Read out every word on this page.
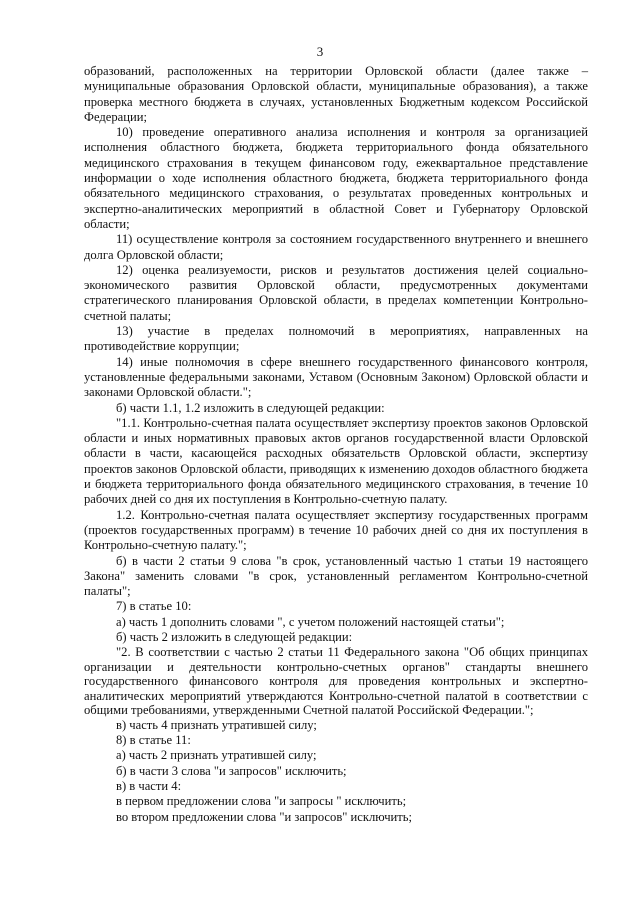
3

образований, расположенных на территории Орловской области (далее также – муниципальные образования Орловской области, муниципальные образования), а также проверка местного бюджета в случаях, установленных Бюджетным кодексом Российской Федерации;

10) проведение оперативного анализа исполнения и контроля за организацией исполнения областного бюджета, бюджета территориального фонда обязательного медицинского страхования в текущем финансовом году, ежеквартальное представление информации о ходе исполнения областного бюджета, бюджета территориального фонда обязательного медицинского страхования, о результатах проведенных контрольных и экспертно-аналитических мероприятий в областной Совет и Губернатору Орловской области;

11) осуществление контроля за состоянием государственного внутреннего и внешнего долга Орловской области;

12) оценка реализуемости, рисков и результатов достижения целей социально-экономического развития Орловской области, предусмотренных документами стратегического планирования Орловской области, в пределах компетенции Контрольно-счетной палаты;

13) участие в пределах полномочий в мероприятиях, направленных на противодействие коррупции;

14) иные полномочия в сфере внешнего государственного финансового контроля, установленные федеральными законами, Уставом (Основным Законом) Орловской области и законами Орловской области.";

б) части 1.1, 1.2 изложить в следующей редакции:

"1.1. Контрольно-счетная палата осуществляет экспертизу проектов законов Орловской области и иных нормативных правовых актов органов государственной власти Орловской области в части, касающейся расходных обязательств Орловской области, экспертизу проектов законов Орловской области, приводящих к изменению доходов областного бюджета и бюджета территориального фонда обязательного медицинского страхования, в течение 10 рабочих дней со дня их поступления в Контрольно-счетную палату.

1.2. Контрольно-счетная палата осуществляет экспертизу государственных программ (проектов государственных программ) в течение 10 рабочих дней со дня их поступления в Контрольно-счетную палату.";

б) в части 2 статьи 9 слова "в срок, установленный частью 1 статьи 19 настоящего Закона" заменить словами "в срок, установленный регламентом Контрольно-счетной палаты";

7) в статье 10:

а) часть 1 дополнить словами ", с учетом положений настоящей статьи";

б) часть 2 изложить в следующей редакции:

"2. В соответствии с частью 2 статьи 11 Федерального закона "Об общих принципах организации и деятельности контрольно-счетных органов" стандарты внешнего государственного финансового контроля для проведения контрольных и экспертно-аналитических мероприятий утверждаются Контрольно-счетной палатой в соответствии с общими требованиями, утвержденными Счетной палатой Российской Федерации.";

в) часть 4 признать утратившей силу;

8) в статье 11:

а) часть 2 признать утратившей силу;

б) в части 3 слова "и запросов" исключить;

в) в части 4:

в первом предложении слова "и запросы " исключить;

во втором предложении слова "и запросов" исключить;
